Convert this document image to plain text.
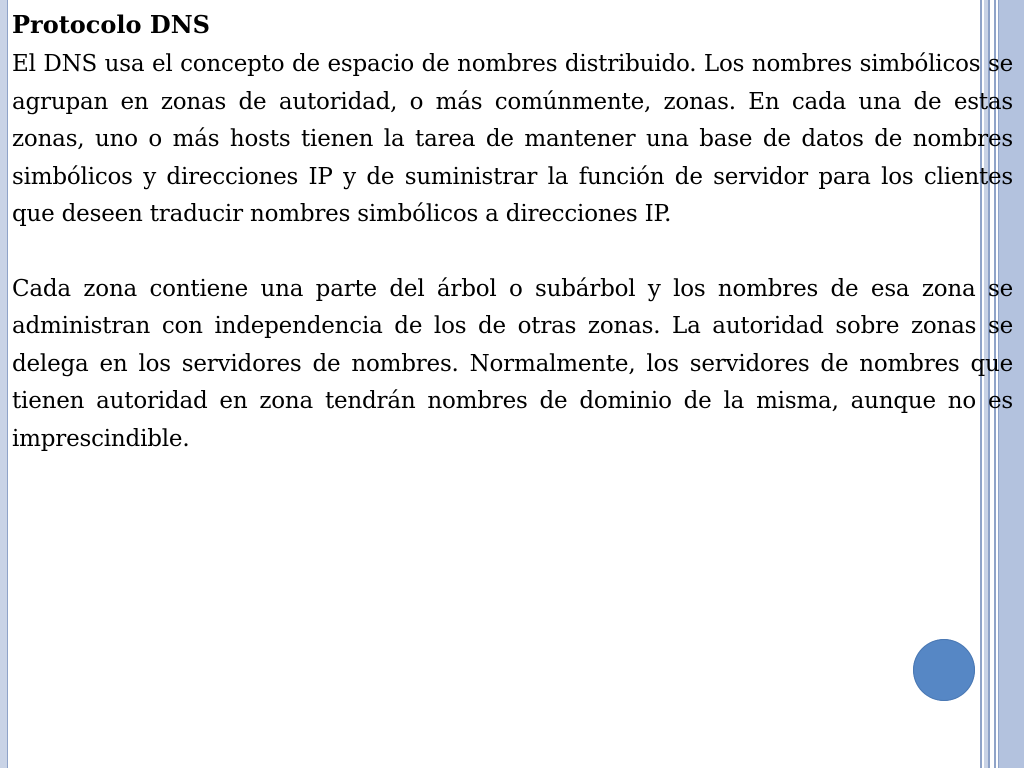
Protocolo DNS

El DNS usa el concepto de espacio de nombres distribuido. Los nombres simbólicos se agrupan en zonas de autoridad, o más comúnmente, zonas. En cada una de estas zonas, uno o más hosts tienen la tarea de mantener una base de datos de nombres simbólicos y direcciones IP y de suministrar la función de servidor para los clientes que deseen traducir nombres simbólicos a direcciones IP.

Cada zona contiene una parte del árbol o subárbol y los nombres de esa zona se administran con independencia de los de otras zonas. La autoridad sobre zonas se delega en los servidores de nombres. Normalmente, los servidores de nombres que tienen autoridad en zona tendrán nombres de dominio de la misma, aunque no es imprescindible.
